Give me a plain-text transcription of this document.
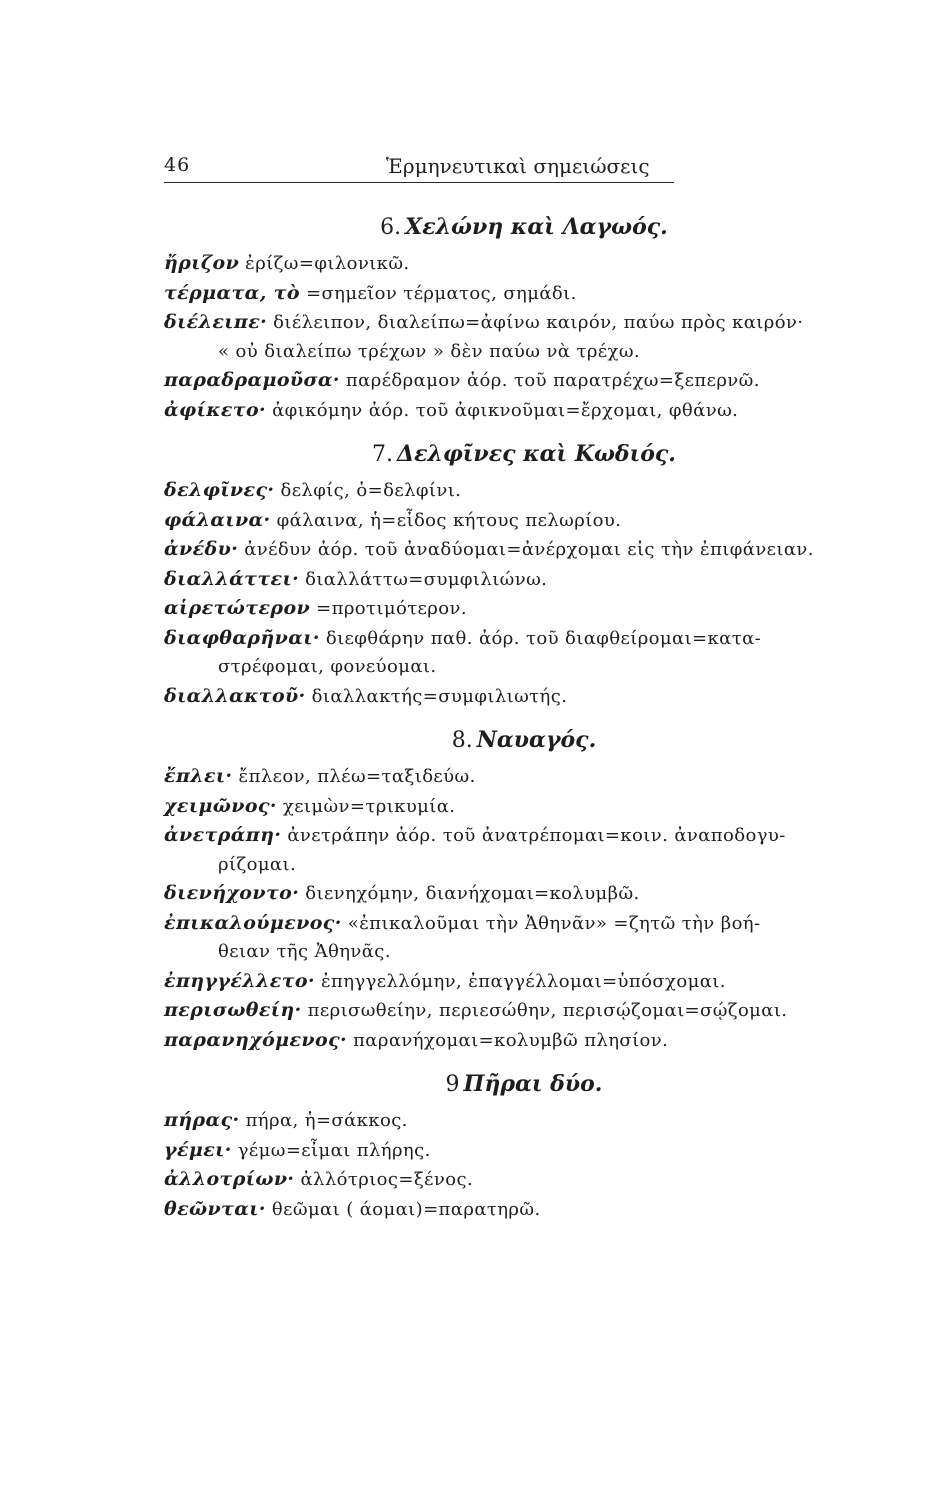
46	Ἑρμηνευτικαὶ σημειώσεις
6. Χελώνη καὶ Λαγωός.
ἤριζον ἐρίζω=φιλονικῶ.
τέρματα, τὸ =σημεῖον τέρματος, σημάδι.
διέλειπε· διέλειπον, διαλείπω=ἀφίνω καιρόν, παύω πρὸς καιρόν·
« οὐ διαλείπω τρέχων » δὲν παύω νὰ τρέχω.
παραδραμοῦσα· παρέδραμον ἀόρ. τοῦ παρατρέχω=ξεπερνῶ.
ἀφίκετο· ἀφικόμην ἀόρ. τοῦ ἀφικνοῦμαι=ἔρχομαι, φθάνω.
7. Δελφῖνες καὶ Κωδιός.
δελφῖνες· δελφίς, ὁ=δελφίνι.
φάλαινα· φάλαινα, ἡ=εἶδος κήτους πελωρίου.
ἀνέδυ· ἀνέδυν ἀόρ. τοῦ ἀναδύομαι=ἀνέρχομαι εἰς τὴν ἐπιφάνειαν.
διαλλάττει· διαλλάττω=συμφιλιώνω.
αἱρετώτερον =προτιμότερον.
διαφθαρῆναι· διεφθάρην παθ. ἀόρ. τοῦ διαφθείρομαι=κατα-
στρέφομαι, φονεύομαι.
διαλλακτοῦ· διαλλακτής=συμφιλιωτής.
8. Ναυαγός.
ἔπλει· ἔπλεον, πλέω=ταξιδεύω.
χειμῶνος· χειμὼν=τρικυμία.
ἀνετράπη· ἀνετράπην ἀόρ. τοῦ ἀνατρέπομαι=κοιν. ἀναποδογυ-
ρίζομαι.
διενήχοντο· διενηχόμην, διανήχομαι=κολυμβῶ.
ἐπικαλούμενος· «ἐπικαλοῦμαι τὴν Ἀθηνᾶν» =ζητῶ τὴν βοή-
θειαν τῆς Ἀθηνᾶς.
ἐπηγγέλλετο· ἐπηγγελλόμην, ἐπαγγέλλομαι=ὑπόσχομαι.
περισωθείη· περισωθείην, περιεσώθην, περισῴζομαι=σῴζομαι.
παρανηχόμενος· παρανήχομαι=κολυμβῶ πλησίον.
9 Πῆραι δύο.
πήρας· πήρα, ἡ=σάκκος.
γέμει· γέμω=εἶμαι πλήρης.
ἀλλοτρίων· ἀλλότριος=ξένος.
θεῶνται· θεῶμαι ( άομαι)=παρατηρῶ.
